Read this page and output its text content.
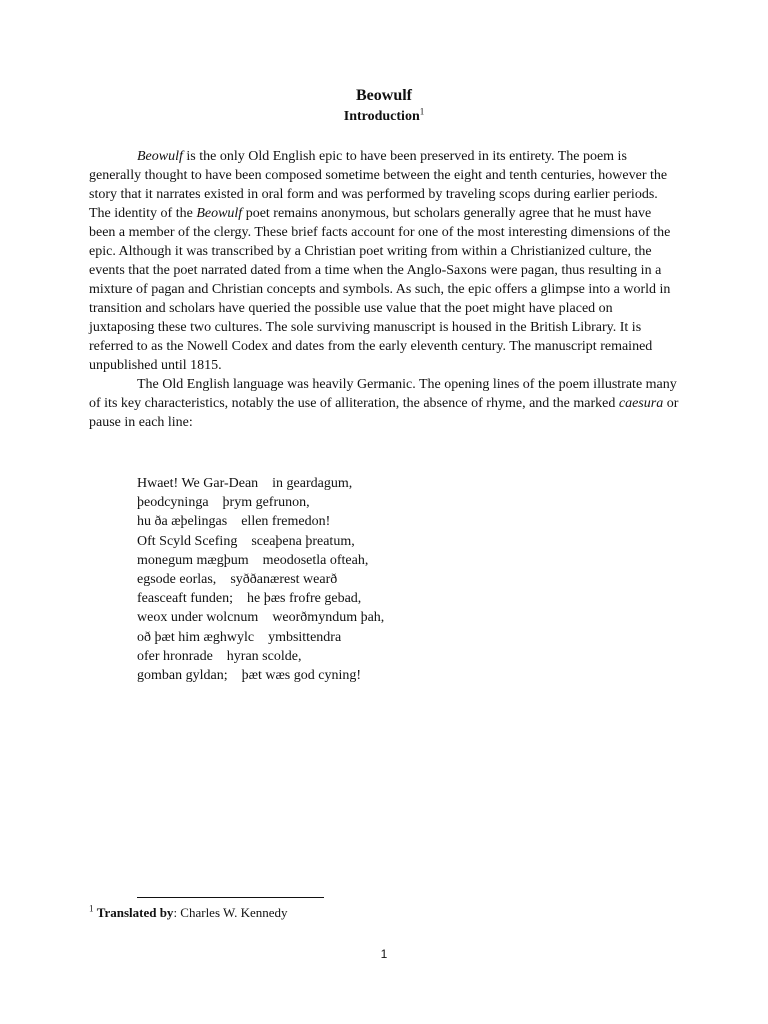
Beowulf
Introduction$^1$

Beowulf is the only Old English epic to have been preserved in its entirety. The poem is generally thought to have been composed sometime between the eight and tenth centuries, however the story that it narrates existed in oral form and was performed by traveling scops during earlier periods. The identity of the Beowulf poet remains anonymous, but scholars generally agree that he must have been a member of the clergy. These brief facts account for one of the most interesting dimensions of the epic. Although it was transcribed by a Christian poet writing from within a Christianized culture, the events that the poet narrated dated from a time when the Anglo-Saxons were pagan, thus resulting in a mixture of pagan and Christian concepts and symbols. As such, the epic offers a glimpse into a world in transition and scholars have queried the possible use value that the poet might have placed on juxtaposing these two cultures. The sole surviving manuscript is housed in the British Library. It is referred to as the Nowell Codex and dates from the early eleventh century. The manuscript remained unpublished until 1815.

The Old English language was heavily Germanic. The opening lines of the poem illustrate many of its key characteristics, notably the use of alliteration, the absence of rhyme, and the marked caesura or pause in each line:

Hwaet! We Gar-Dean in geardagum,
þeodcyninga þrym gefrunon,
hu ða æþelingas ellen fremedon!
Oft Scyld Scefing sceaþena þreatum,
monegum mægþum meodosetla ofteah,
egsode eorlas, syððanærest wearð
feasceaft funden; he þæs frofre gebad,
weox under wolcnum weorðmyndum þah,
oð þæt him æghwylc ymbsittendra
ofer hronrade hyran scolde,
gomban gyldan; þæt wæs god cyning!
$^1$ Translated by: Charles W. Kennedy
1
